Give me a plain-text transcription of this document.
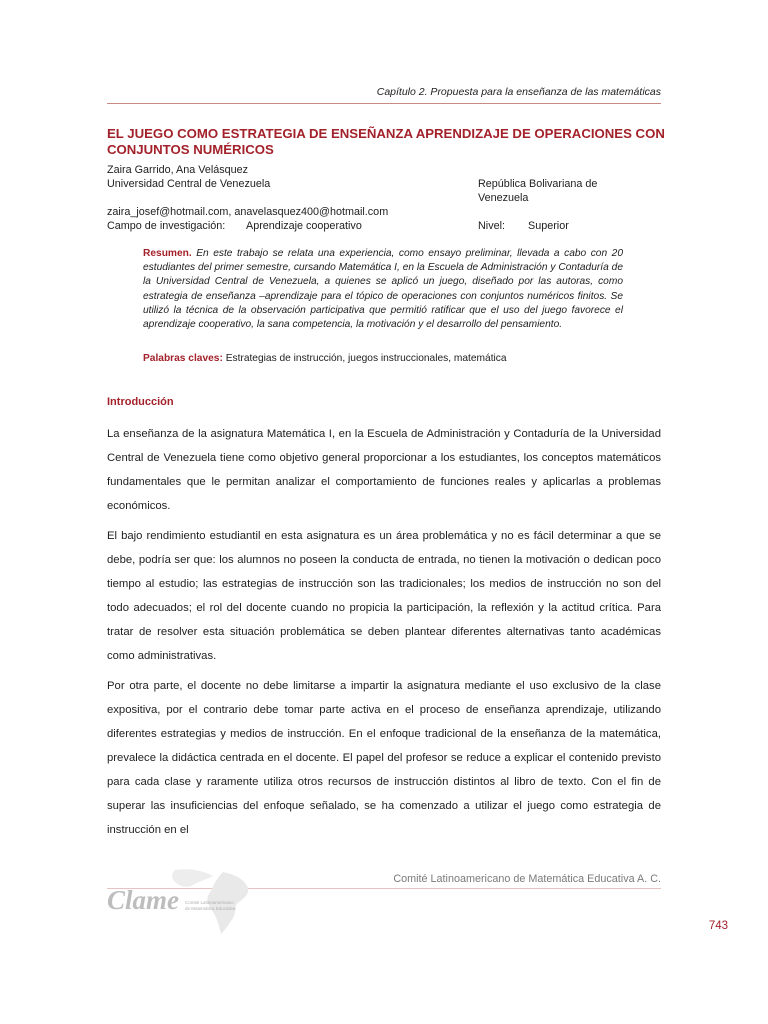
Capítulo 2. Propuesta para la enseñanza de las matemáticas
EL JUEGO COMO ESTRATEGIA DE ENSEÑANZA APRENDIZAJE DE OPERACIONES CON
CONJUNTOS NUMÉRICOS
Zaira Garrido, Ana Velásquez
Universidad Central de Venezuela	República Bolivariana de
Venezuela
zaira_josef@hotmail.com, anavelasquez400@hotmail.com
Campo de investigación: Aprendizaje cooperativo	Nivel: Superior
Resumen. En este trabajo se relata una experiencia, como ensayo preliminar, llevada a cabo con 20 estudiantes del primer semestre, cursando Matemática I, en la Escuela de Administración y Contaduría de la Universidad Central de Venezuela, a quienes se aplicó un juego, diseñado por las autoras, como estrategia de enseñanza –aprendizaje para el tópico de operaciones con conjuntos numéricos finitos. Se utilizó la técnica de la observación participativa que permitió ratificar que el uso del juego favorece el aprendizaje cooperativo, la sana competencia, la motivación y el desarrollo del pensamiento.
Palabras claves: Estrategias de instrucción, juegos instruccionales, matemática
Introducción

La enseñanza de la asignatura Matemática I, en la Escuela de Administración y Contaduría de la Universidad Central de Venezuela tiene como objetivo general proporcionar a los estudiantes, los conceptos matemáticos fundamentales que le permitan analizar el comportamiento de funciones reales y aplicarlas a problemas económicos.

El bajo rendimiento estudiantil en esta asignatura es un área problemática y no es fácil determinar a que se debe, podría ser que: los alumnos no poseen la conducta de entrada, no tienen la motivación o dedican poco tiempo al estudio; las estrategias de instrucción son las tradicionales; los medios de instrucción no son del todo adecuados; el rol del docente cuando no propicia la participación, la reflexión y la actitud crítica. Para tratar de resolver esta situación problemática se deben plantear diferentes alternativas tanto académicas como administrativas.

Por otra parte, el docente no debe limitarse a impartir la asignatura mediante el uso exclusivo de la clase expositiva, por el contrario debe tomar parte activa en el proceso de enseñanza aprendizaje, utilizando diferentes estrategias y medios de instrucción. En el enfoque tradicional de la enseñanza de la matemática, prevalece la didáctica centrada en el docente. El papel del profesor se reduce a explicar el contenido previsto para cada clase y raramente utiliza otros recursos de instrucción distintos al libro de texto. Con el fin de superar las insuficiencias del enfoque señalado, se ha comenzado a utilizar el juego como estrategia de instrucción en el

Comité Latinoamericano de Matemática Educativa A. C.
Clame Comité Latinoamericano
de Matemática Educativa
743
